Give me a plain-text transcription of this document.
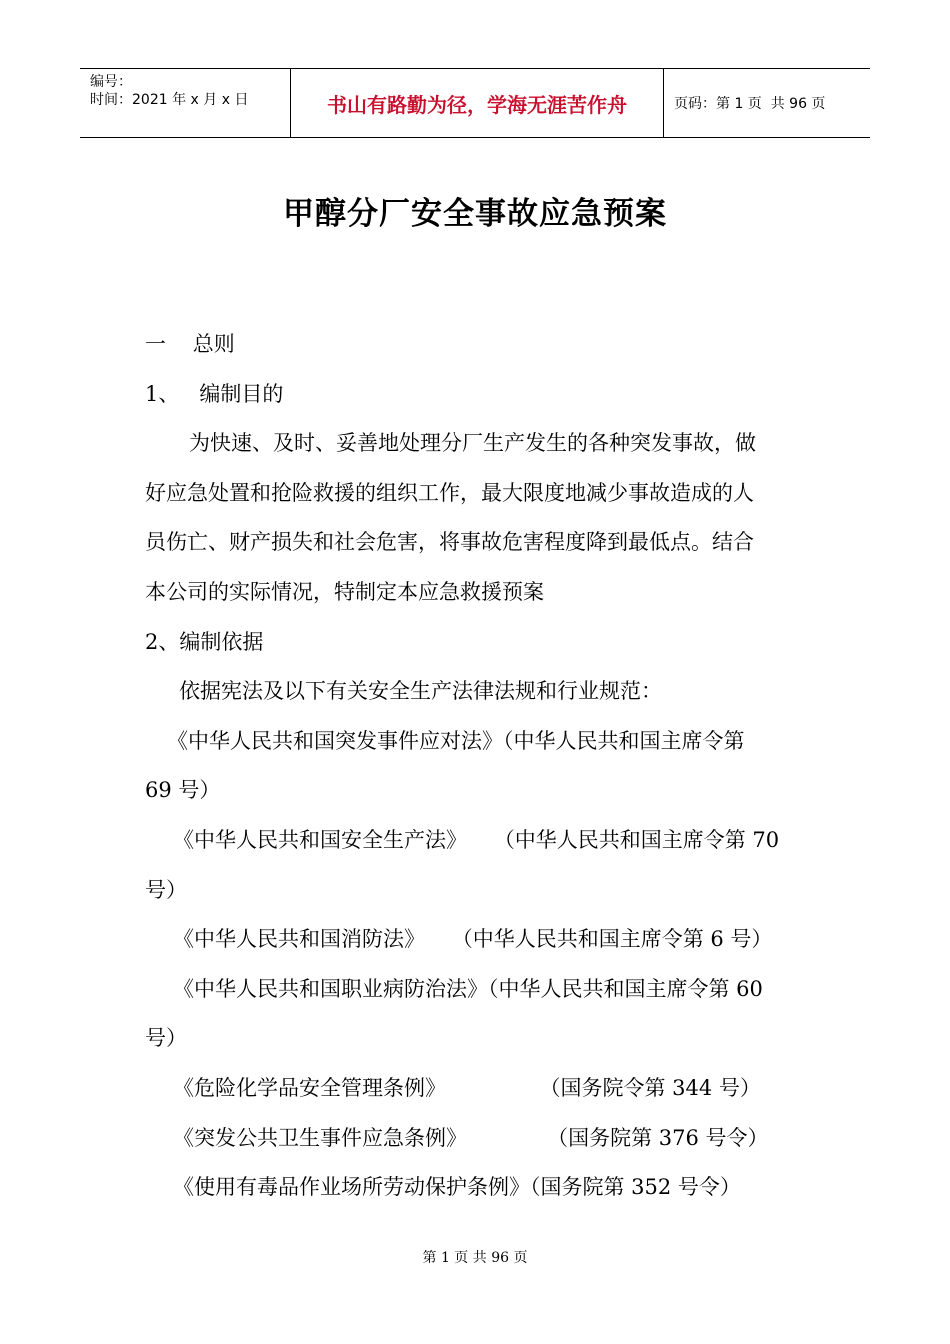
编号：
时间：2021 年 x 月 x 日	书山有路勤为径，学海无涯苦作舟	页码：第 1 页  共 96 页
甲醇分厂安全事故应急预案
一    总则
1、   编制目的
为快速、及时、妥善地处理分厂生产发生的各种突发事故，做
好应急处置和抢险救援的组织工作，最大限度地减少事故造成的人
员伤亡、财产损失和社会危害，将事故危害程度降到最低点。结合
本公司的实际情况，特制定本应急救援预案
2、编制依据
依据宪法及以下有关安全生产法律法规和行业规范：
《中华人民共和国突发事件应对法》（中华人民共和国主席令第
69 号）
《中华人民共和国安全生产法》    （中华人民共和国主席令第 70
号）
《中华人民共和国消防法》    （中华人民共和国主席令第 6 号）
《中华人民共和国职业病防治法》（中华人民共和国主席令第 60
号）
《危险化学品安全管理条例》              （国务院令第 344 号）
《突发公共卫生事件应急条例》            （国务院第 376 号令）
《使用有毒品作业场所劳动保护条例》（国务院第 352 号令）
第 1 页 共 96 页
